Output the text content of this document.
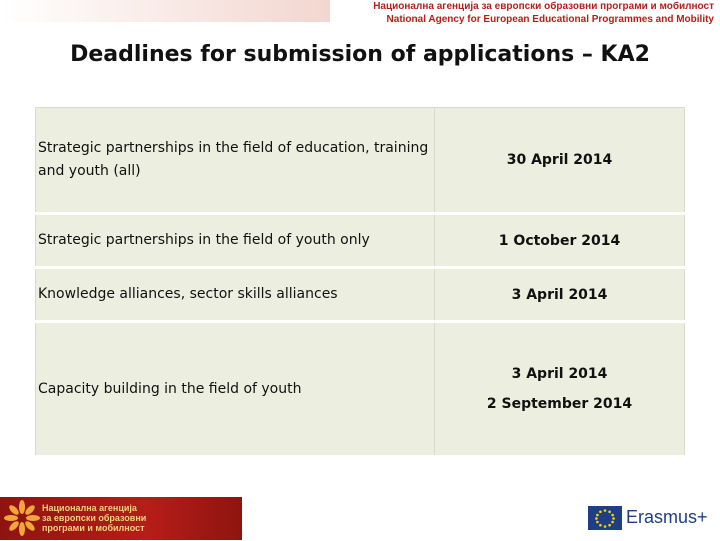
Национална агенција за европски образовни програми и мобилност
National Agency for European Educational Programmes and Mobility
Deadlines for submission of applications – KA2
Strategic partnerships in the field of education, training and youth (all)	30 April 2014

Strategic partnerships in the field of youth only	1 October 2014

Knowledge alliances, sector skills alliances	3 April 2014

Capacity building in the field of youth	3 April 2014
2 September 2014
Национална агенција
за европски образовни
програми и мобилност
Erasmus+
